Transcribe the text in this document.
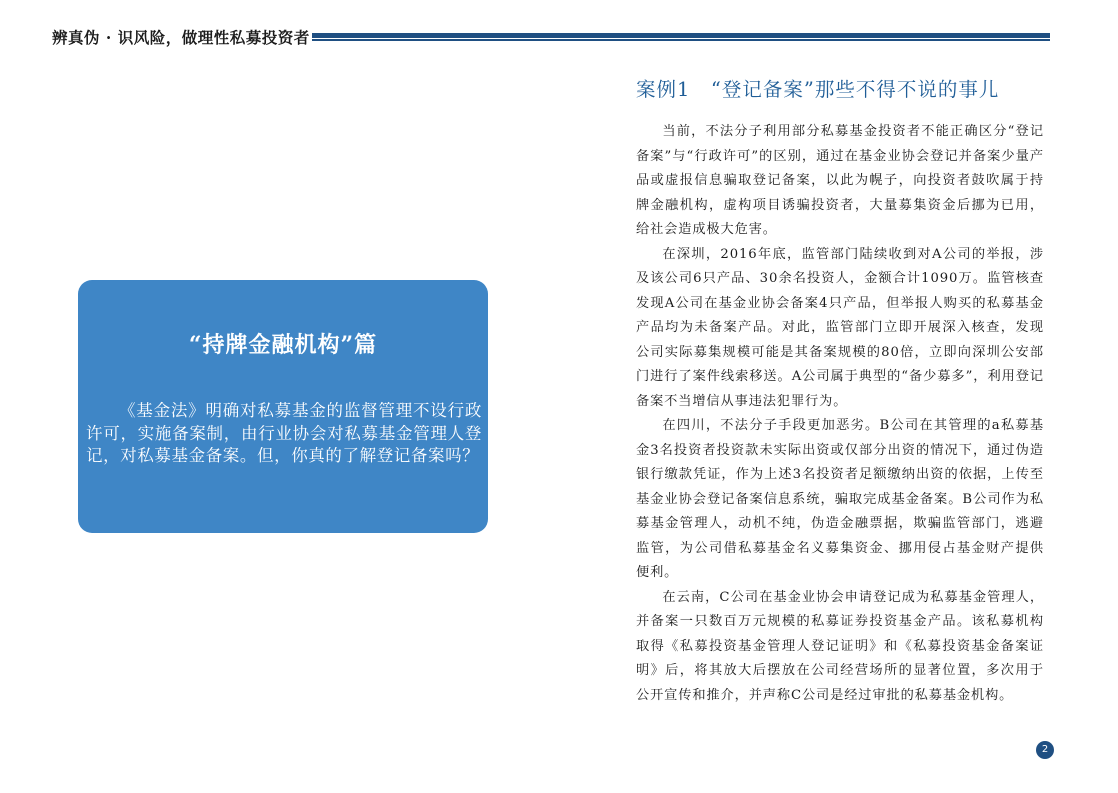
辨真伪 · 识风险，做理性私募投资者
“持牌金融机构”篇
《基金法》明确对私募基金的监督管理不设行政许可，实施备案制，由行业协会对私募基金管理人登记，对私募基金备案。但，你真的了解登记备案吗？
案例1　“登记备案”那些不得不说的事儿

当前，不法分子利用部分私募基金投资者不能正确区分“登记备案”与“行政许可”的区别，通过在基金业协会登记并备案少量产品或虚报信息骗取登记备案，以此为幌子，向投资者鼓吹属于持牌金融机构，虚构项目诱骗投资者，大量募集资金后挪为已用，给社会造成极大危害。

在深圳，2016年底，监管部门陆续收到对A公司的举报，涉及该公司6只产品、30余名投资人，金额合计1090万。监管核查发现A公司在基金业协会备案4只产品，但举报人购买的私募基金产品均为未备案产品。对此，监管部门立即开展深入核查，发现公司实际募集规模可能是其备案规模的80倍，立即向深圳公安部门进行了案件线索移送。A公司属于典型的“备少募多”，利用登记备案不当增信从事违法犯罪行为。

在四川，不法分子手段更加恶劣。B公司在其管理的a私募基金3名投资者投资款未实际出资或仅部分出资的情况下，通过伪造银行缴款凭证，作为上述3名投资者足额缴纳出资的依据，上传至基金业协会登记备案信息系统，骗取完成基金备案。B公司作为私募基金管理人，动机不纯，伪造金融票据，欺骗监管部门，逃避监管，为公司借私募基金名义募集资金、挪用侵占基金财产提供便利。

在云南，C公司在基金业协会申请登记成为私募基金管理人，并备案一只数百万元规模的私募证券投资基金产品。该私募机构取得《私募投资基金管理人登记证明》和《私募投资基金备案证明》后，将其放大后摆放在公司经营场所的显著位置，多次用于公开宣传和推介，并声称C公司是经过审批的私募基金机构。

2
